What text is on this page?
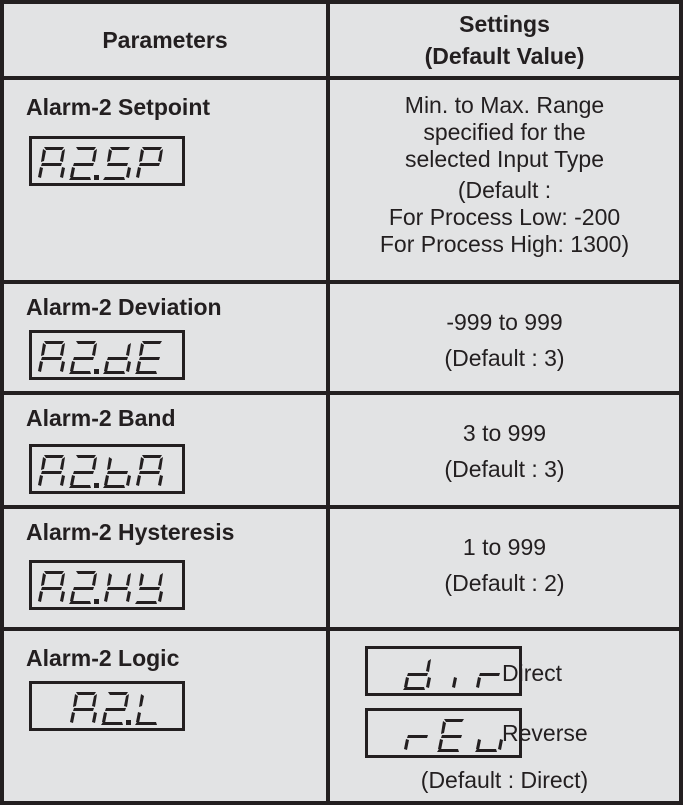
Parameters
Settings
(Default Value)
Alarm-2 Setpoint	Min. to Max. Range
specified for the
selected Input Type
(Default :
For Process Low: -200
For Process High: 1300)
Alarm-2 Deviation
-999 to 999
(Default : 3)
Alarm-2 Band
3 to 999
(Default : 3)
Alarm-2 Hysteresis
1 to 999
(Default : 2)
Alarm-2 Logic
Direct
Reverse
(Default : Direct)
